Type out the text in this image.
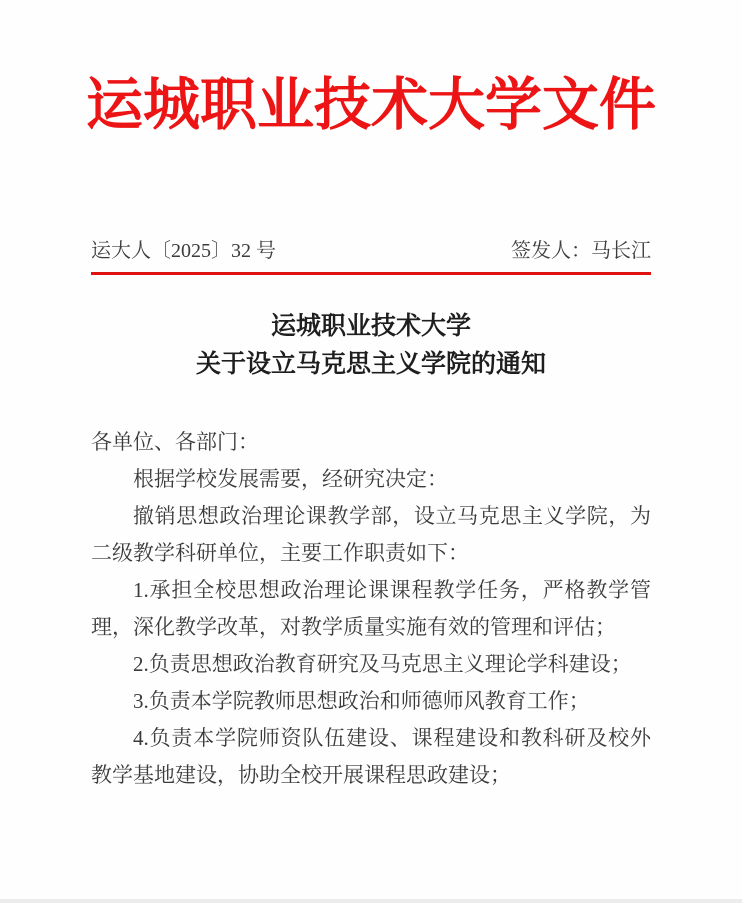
运城职业技术大学文件
运大人〔2025〕32 号	签发人：马长江
运城职业技术大学
关于设立马克思主义学院的通知

各单位、各部门：

根据学校发展需要，经研究决定：

撤销思想政治理论课教学部，设立马克思主义学院，为二级教学科研单位，主要工作职责如下：

1.承担全校思想政治理论课课程教学任务，严格教学管理，深化教学改革，对教学质量实施有效的管理和评估；

2.负责思想政治教育研究及马克思主义理论学科建设；

3.负责本学院教师思想政治和师德师风教育工作；

4.负责本学院师资队伍建设、课程建设和教科研及校外教学基地建设，协助全校开展课程思政建设；
